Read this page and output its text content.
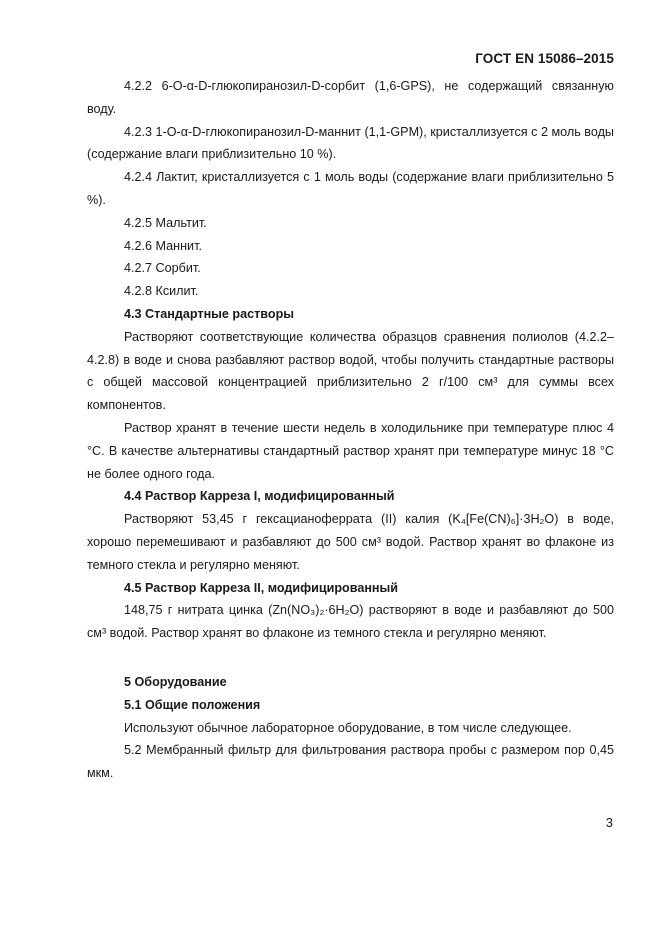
ГОСТ EN 15086–2015

4.2.2 6-O-α-D-глюкопиранозил-D-сорбит (1,6-GPS), не содержащий связанную воду.

4.2.3 1-O-α-D-глюкопиранозил-D-маннит (1,1-GPM), кристаллизуется с 2 моль воды (содержание влаги приблизительно 10 %).

4.2.4 Лактит, кристаллизуется с 1 моль воды (содержание влаги приблизительно 5 %).

4.2.5 Мальтит.

4.2.6 Маннит.

4.2.7 Сорбит.

4.2.8 Ксилит.

4.3 Стандартные растворы

Растворяют соответствующие количества образцов сравнения полиолов (4.2.2–4.2.8) в воде и снова разбавляют раствор водой, чтобы получить стандартные растворы с общей массовой концентрацией приблизительно 2 г/100 см³ для суммы всех компонентов.

Раствор хранят в течение шести недель в холодильнике при температуре плюс 4 °С. В качестве альтернативы стандартный раствор хранят при температуре минус 18 °С не более одного года.

4.4 Раствор Карреза I, модифицированный

Растворяют 53,45 г гексацианоферрата (II) калия (K₄[Fe(CN)₆]·3H₂O) в воде, хорошо перемешивают и разбавляют до 500 см³ водой. Раствор хранят во флаконе из темного стекла и регулярно меняют.

4.5 Раствор Карреза II, модифицированный

148,75 г нитрата цинка (Zn(NO₃)₂·6H₂O) растворяют в воде и разбавляют до 500 см³ водой. Раствор хранят во флаконе из темного стекла и регулярно меняют.

5 Оборудование

5.1 Общие положения

Используют обычное лабораторное оборудование, в том числе следующее.

5.2 Мембранный фильтр для фильтрования раствора пробы с размером пор 0,45 мкм.

3
